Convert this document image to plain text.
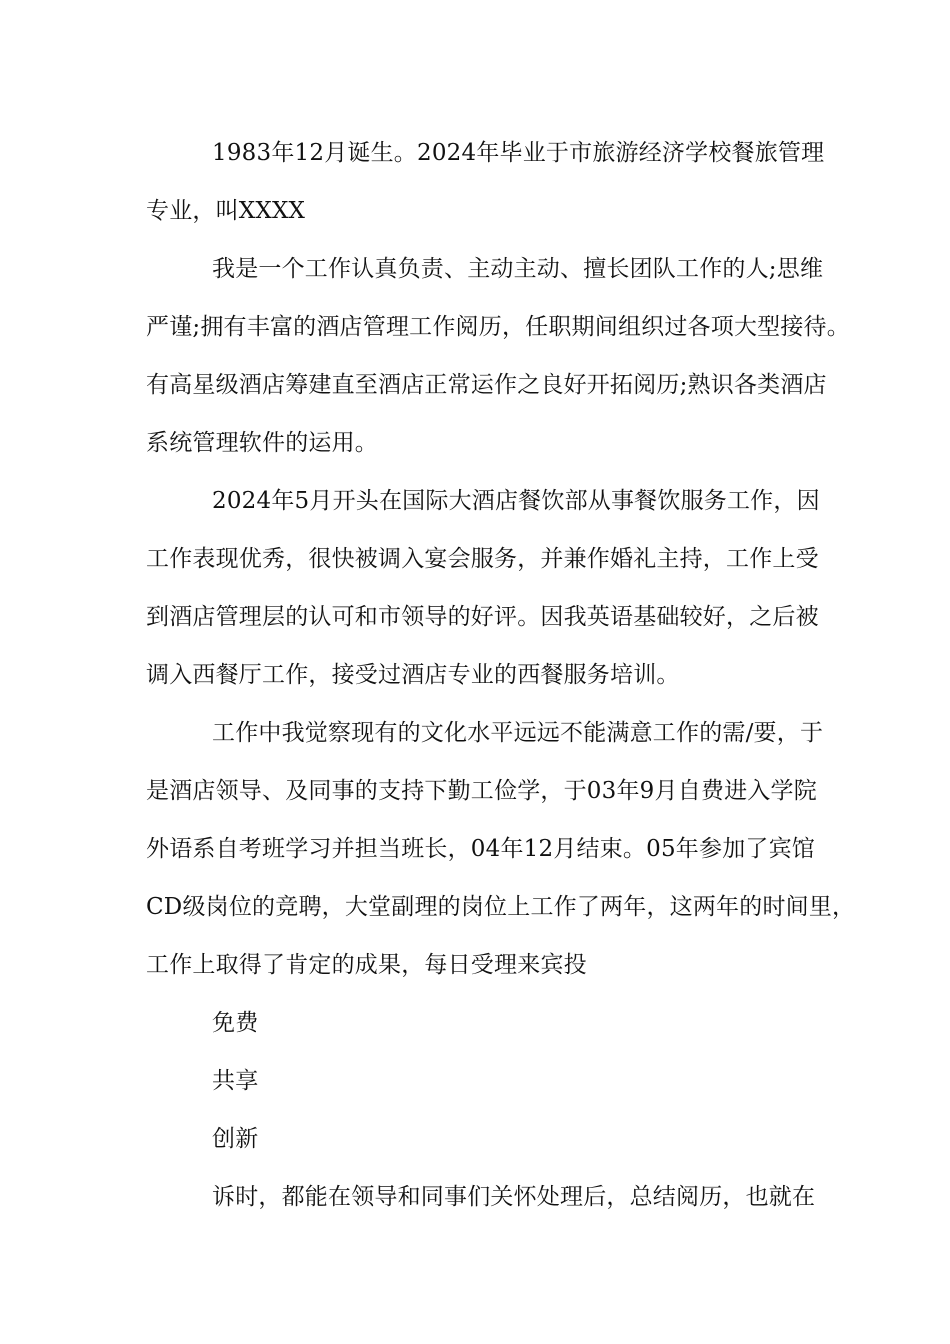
1983年12月诞生。2024年毕业于市旅游经济学校餐旅管理
专业，叫XXXX
我是一个工作认真负责、主动主动、擅长团队工作的人;思维
严谨;拥有丰富的酒店管理工作阅历，任职期间组织过各项大型接待。
有高星级酒店筹建直至酒店正常运作之良好开拓阅历;熟识各类酒店
系统管理软件的运用。
2024年5月开头在国际大酒店餐饮部从事餐饮服务工作，因
工作表现优秀，很快被调入宴会服务，并兼作婚礼主持，工作上受
到酒店管理层的认可和市领导的好评。因我英语基础较好，之后被
调入西餐厅工作，接受过酒店专业的西餐服务培训。
工作中我觉察现有的文化水平远远不能满意工作的需/要，于
是酒店领导、及同事的支持下勤工俭学，于03年9月自费进入学院
外语系自考班学习并担当班长，04年12月结束。05年参加了宾馆
CD级岗位的竞聘，大堂副理的岗位上工作了两年，这两年的时间里，
工作上取得了肯定的成果，每日受理来宾投
免费
共享
创新
诉时，都能在领导和同事们关怀处理后，总结阅历，也就在
